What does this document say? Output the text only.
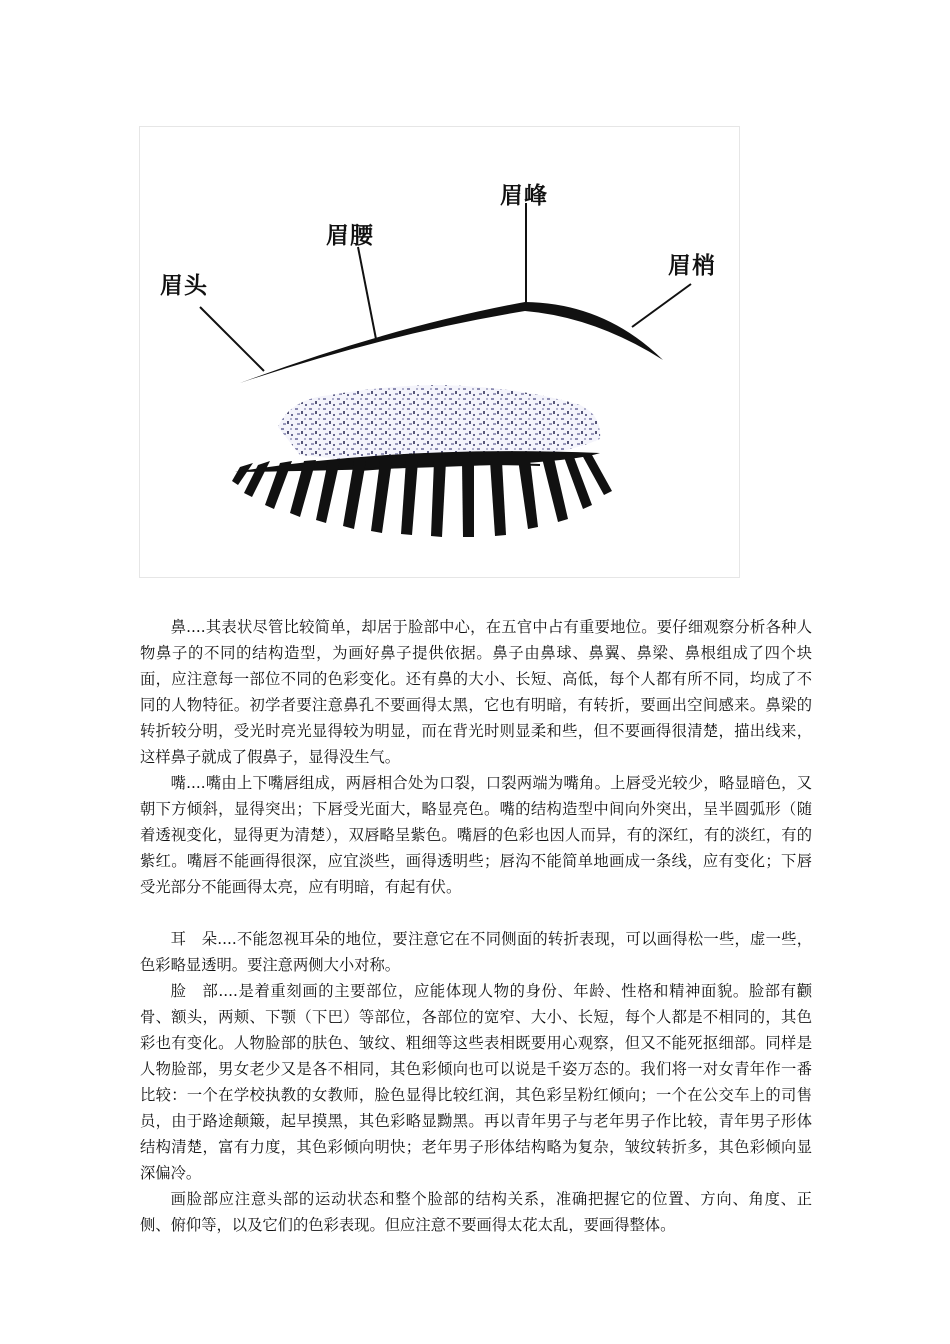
眉头
眉腰
眉峰
眉梢

鼻....其表状尽管比较简单，却居于脸部中心，在五官中占有重要地位。要仔细观察分析各种人物鼻子的不同的结构造型，为画好鼻子提供依据。鼻子由鼻球、鼻翼、鼻梁、鼻根组成了四个块面，应注意每一部位不同的色彩变化。还有鼻的大小、长短、高低，每个人都有所不同，均成了不同的人物特征。初学者要注意鼻孔不要画得太黑，它也有明暗，有转折，要画出空间感来。鼻梁的转折较分明，受光时亮光显得较为明显，而在背光时则显柔和些，但不要画得很清楚，描出线来，这样鼻子就成了假鼻子，显得没生气。

嘴....嘴由上下嘴唇组成，两唇相合处为口裂，口裂两端为嘴角。上唇受光较少，略显暗色，又朝下方倾斜，显得突出；下唇受光面大，略显亮色。嘴的结构造型中间向外突出，呈半圆弧形（随着透视变化，显得更为清楚），双唇略呈紫色。嘴唇的色彩也因人而异，有的深红，有的淡红，有的紫红。嘴唇不能画得很深，应宜淡些，画得透明些；唇沟不能简单地画成一条线，应有变化；下唇受光部分不能画得太亮，应有明暗，有起有伏。

耳　朵....不能忽视耳朵的地位，要注意它在不同侧面的转折表现，可以画得松一些，虚一些，色彩略显透明。要注意两侧大小对称。

脸　部....是着重刻画的主要部位，应能体现人物的身份、年龄、性格和精神面貌。脸部有颧骨、额头，两颊、下颚（下巴）等部位，各部位的宽窄、大小、长短，每个人都是不相同的，其色彩也有变化。人物脸部的肤色、皱纹、粗细等这些表相既要用心观察，但又不能死抠细部。同样是人物脸部，男女老少又是各不相同，其色彩倾向也可以说是千姿万态的。我们将一对女青年作一番比较：一个在学校执教的女教师，脸色显得比较红润，其色彩呈粉红倾向；一个在公交车上的司售员，由于路途颠簸，起早摸黑，其色彩略显黝黑。再以青年男子与老年男子作比较，青年男子形体结构清楚，富有力度，其色彩倾向明快；老年男子形体结构略为复杂，皱纹转折多，其色彩倾向显深偏冷。

画脸部应注意头部的运动状态和整个脸部的结构关系，准确把握它的位置、方向、角度、正侧、俯仰等，以及它们的色彩表现。但应注意不要画得太花太乱，要画得整体。
